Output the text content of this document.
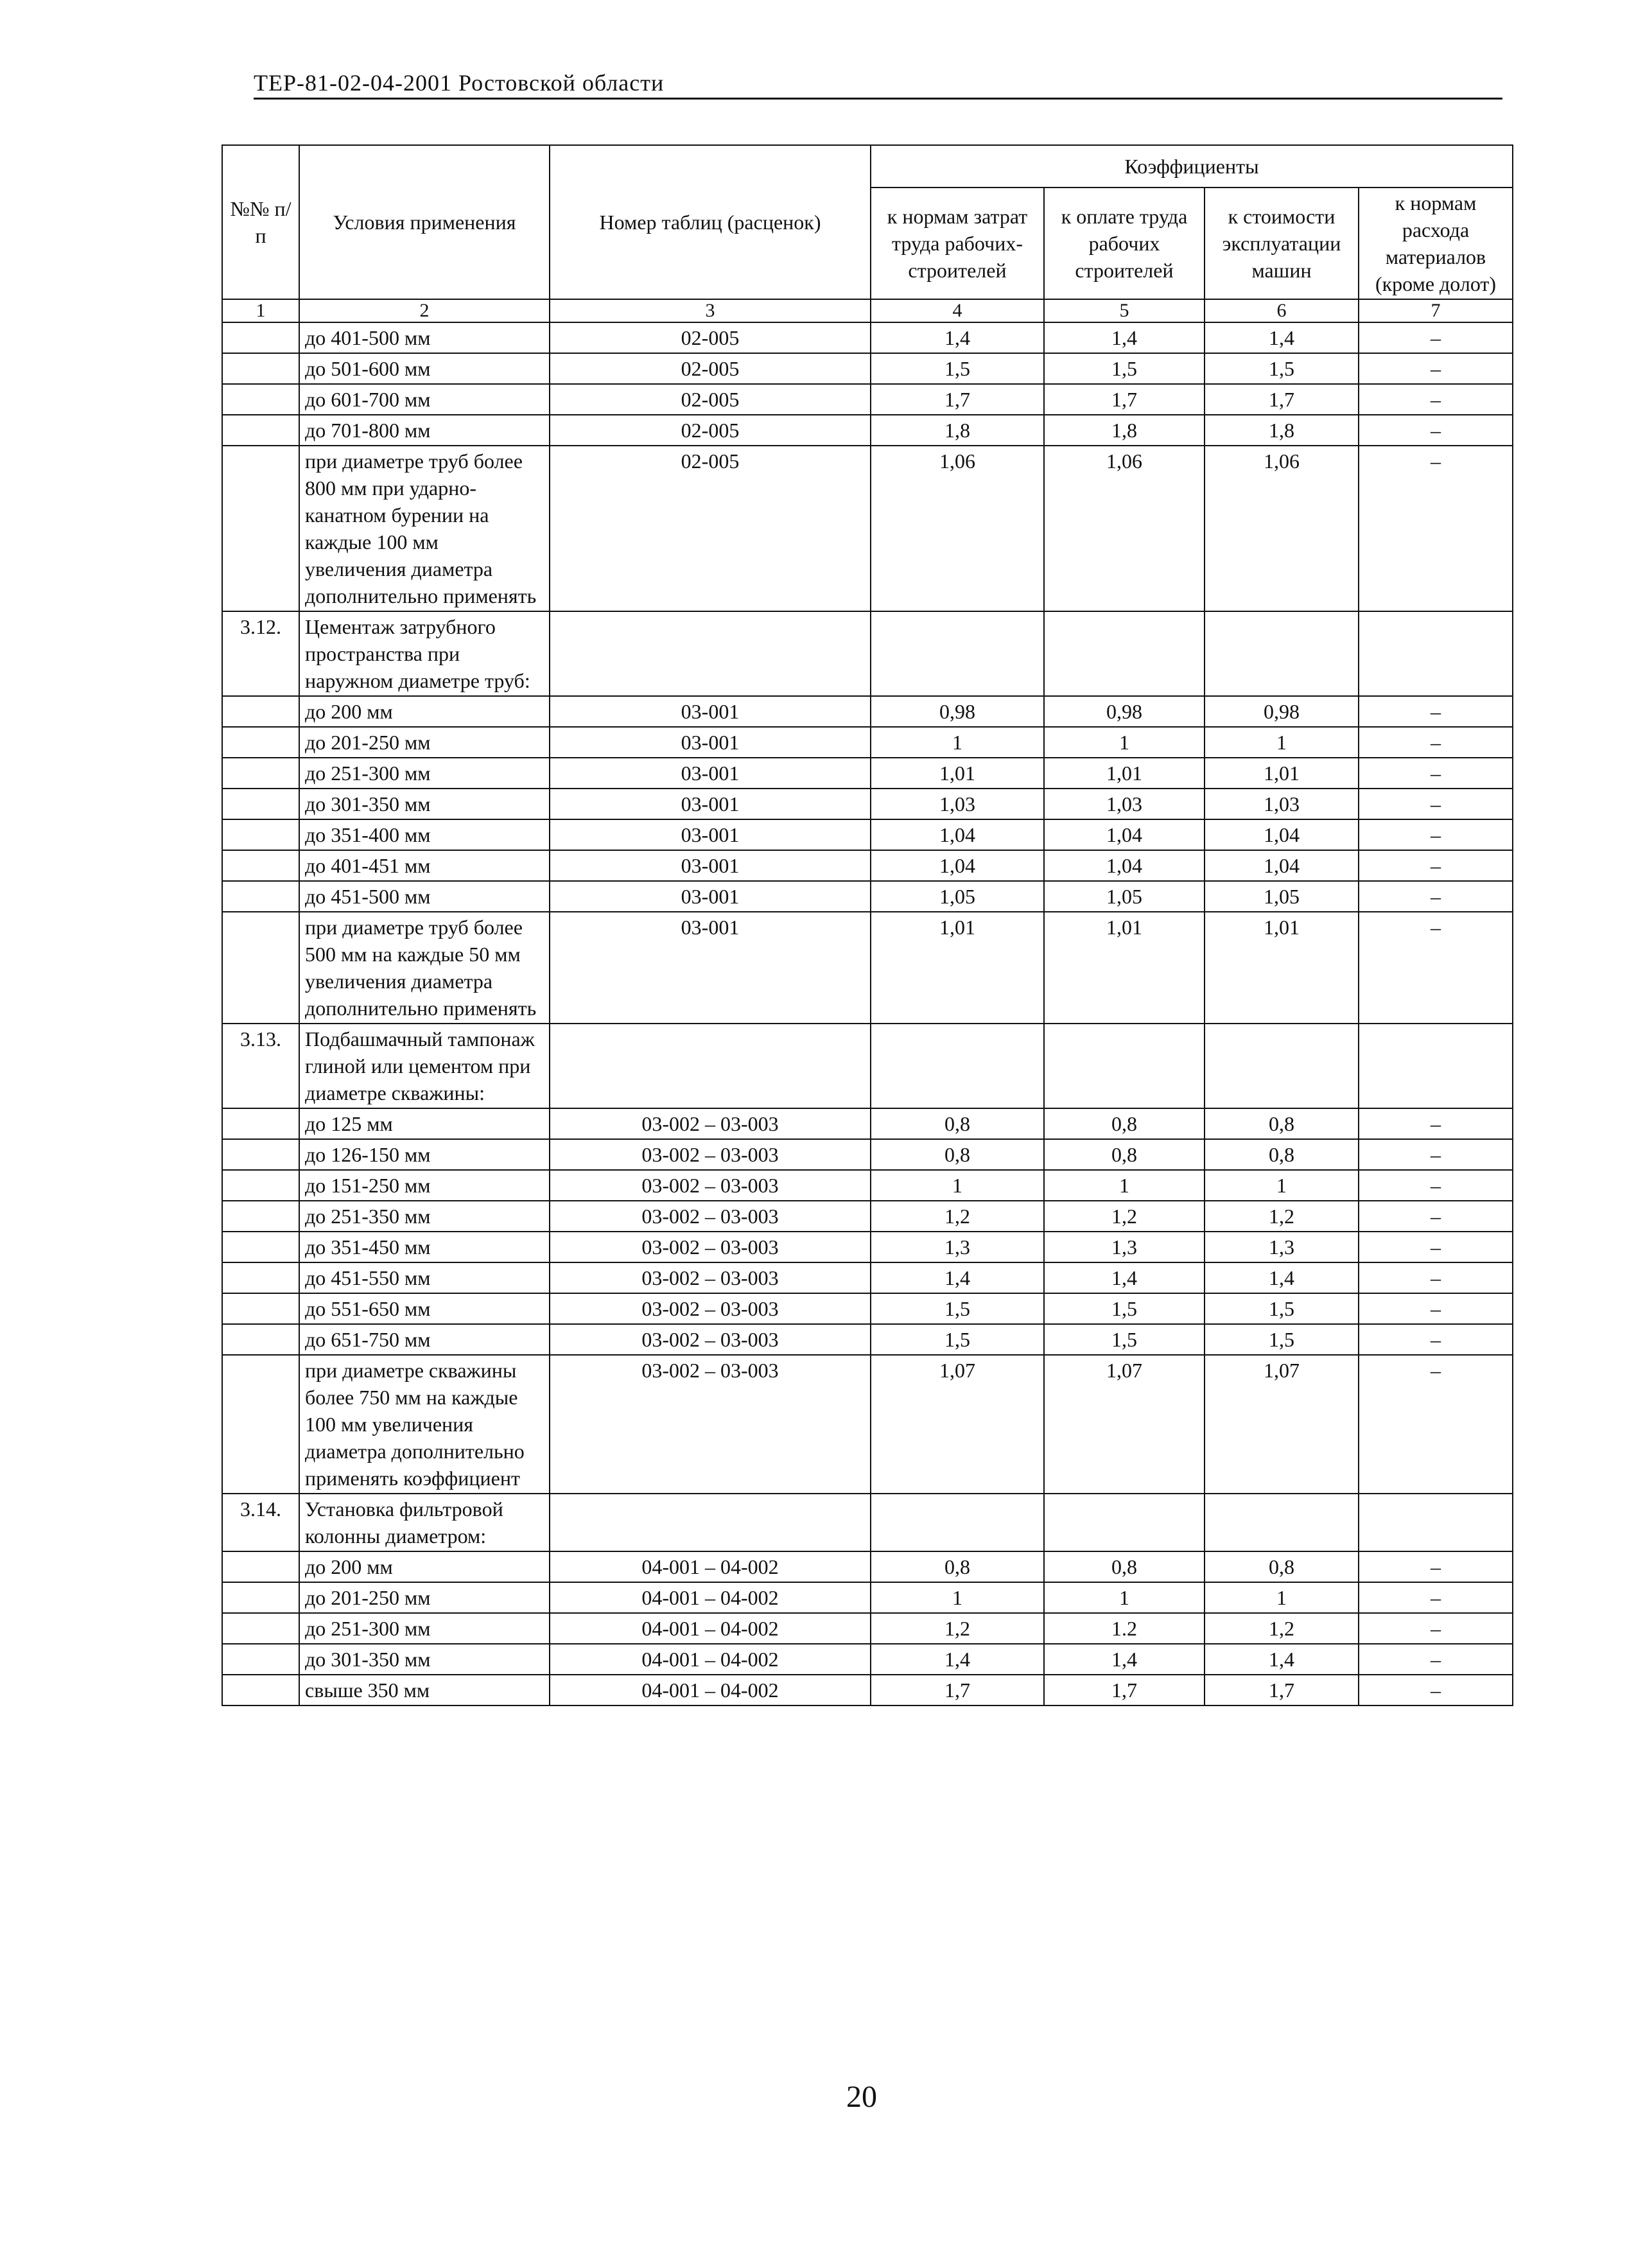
ТЕР-81-02-04-2001 Ростовской области
№№ п/п	Условия применения	Номер таблиц (расценок)	Коэффициенты			
			к нормам затрат труда рабочих-строителей	к оплате труда рабочих строителей	к стоимости эксплуатации машин	к нормам расхода материалов (кроме долот)
1	2	3	4	5	6	7
	до 401-500 мм	02-005	1,4	1,4	1,4	–
	до 501-600 мм	02-005	1,5	1,5	1,5	–
	до 601-700 мм	02-005	1,7	1,7	1,7	–
	до 701-800 мм	02-005	1,8	1,8	1,8	–
	при диаметре труб более 800 мм при ударно-канатном бурении на каждые 100 мм увеличения диаметра дополнительно применять	02-005	1,06	1,06	1,06	–
3.12.	Цементаж затрубного пространства при наружном диаметре труб:					
	до 200 мм	03-001	0,98	0,98	0,98	–
	до 201-250 мм	03-001	1	1	1	–
	до 251-300 мм	03-001	1,01	1,01	1,01	–
	до 301-350 мм	03-001	1,03	1,03	1,03	–
	до 351-400 мм	03-001	1,04	1,04	1,04	–
	до 401-451 мм	03-001	1,04	1,04	1,04	–
	до 451-500 мм	03-001	1,05	1,05	1,05	–
	при диаметре труб более 500 мм на каждые 50 мм увеличения диаметра дополнительно применять	03-001	1,01	1,01	1,01	–
3.13.	Подбашмачный тампонаж глиной или цементом при диаметре скважины:					
	до 125 мм	03-002 – 03-003	0,8	0,8	0,8	–
	до 126-150 мм	03-002 – 03-003	0,8	0,8	0,8	–
	до 151-250 мм	03-002 – 03-003	1	1	1	–
	до 251-350 мм	03-002 – 03-003	1,2	1,2	1,2	–
	до 351-450 мм	03-002 – 03-003	1,3	1,3	1,3	–
	до 451-550 мм	03-002 – 03-003	1,4	1,4	1,4	–
	до 551-650 мм	03-002 – 03-003	1,5	1,5	1,5	–
	до 651-750 мм	03-002 – 03-003	1,5	1,5	1,5	–
	при диаметре скважины более 750 мм на каждые 100 мм увеличения диаметра дополнительно применять коэффициент	03-002 – 03-003	1,07	1,07	1,07	–
3.14.	Установка фильтровой колонны диаметром:					
	до 200 мм	04-001 – 04-002	0,8	0,8	0,8	–
	до 201-250 мм	04-001 – 04-002	1	1	1	–
	до 251-300 мм	04-001 – 04-002	1,2	1.2	1,2	–
	до 301-350 мм	04-001 – 04-002	1,4	1,4	1,4	–
	свыше 350 мм	04-001 – 04-002	1,7	1,7	1,7	–
20
